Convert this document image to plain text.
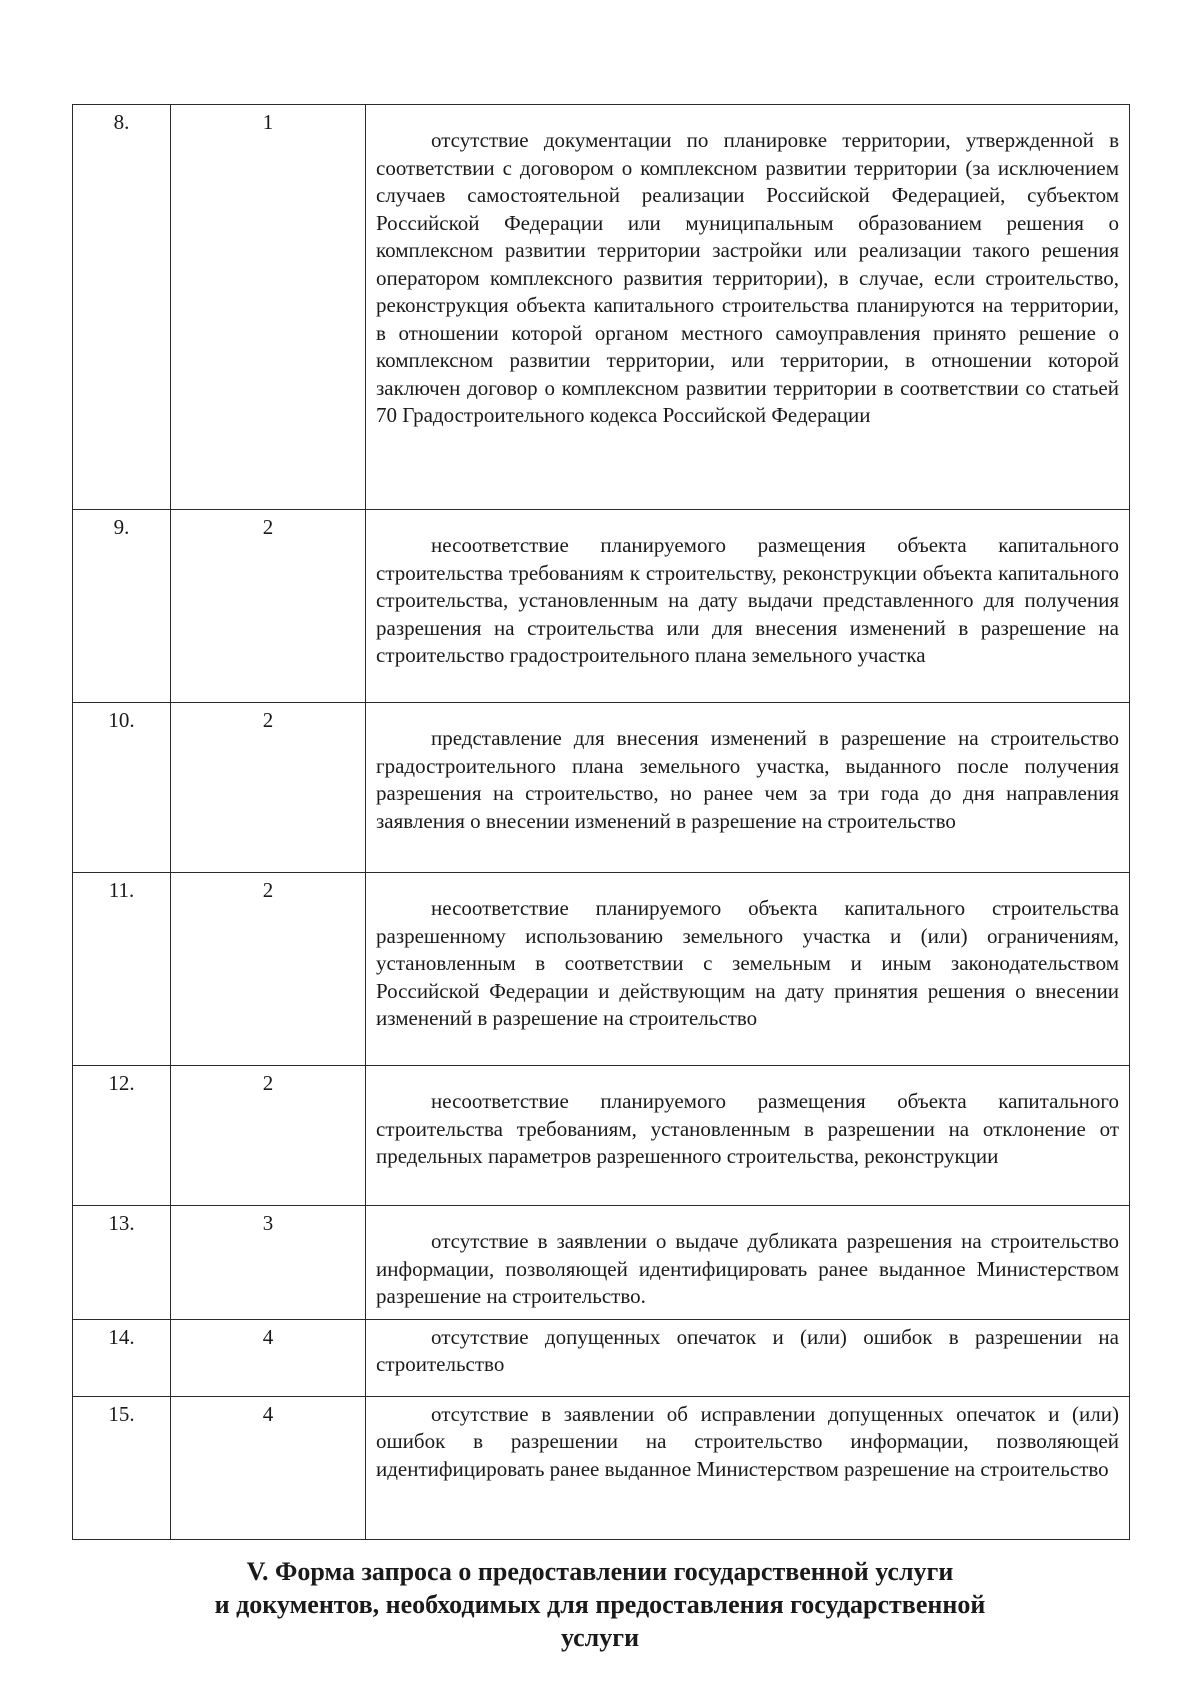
8.	1	отсутствие документации по планировке территории, утвержденной в соответствии с договором о комплексном развитии территории (за исключением случаев самостоятельной реализации Российской Федерацией, субъектом Российской Федерации или муниципальным образованием решения о комплексном развитии территории застройки или реализации такого решения оператором комплексного развития территории), в случае, если строительство, реконструкция объекта капитального строительства планируются на территории, в отношении которой органом местного самоуправления принято решение о комплексном развитии территории, или территории, в отношении которой заключен договор о комплексном развитии территории в соответствии со статьей 70 Градостроительного кодекса Российской Федерации
9.	2	несоответствие планируемого размещения объекта капитального строительства требованиям к строительству, реконструкции объекта капитального строительства, установленным на дату выдачи представленного для получения разрешения на строительства или для внесения изменений в разрешение на строительство градостроительного плана земельного участка
10.	2	представление для внесения изменений в разрешение на строительство градостроительного плана земельного участка, выданного после получения разрешения на строительство, но ранее чем за три года до дня направления заявления о внесении изменений в разрешение на строительство
11.	2	несоответствие планируемого объекта капитального строительства разрешенному использованию земельного участка и (или) ограничениям, установленным в соответствии с земельным и иным законодательством Российской Федерации и действующим на дату принятия решения о внесении изменений в разрешение на строительство
12.	2	несоответствие планируемого размещения объекта капитального строительства требованиям, установленным в разрешении на отклонение от предельных параметров разрешенного строительства, реконструкции
13.	3	отсутствие в заявлении о выдаче дубликата разрешения на строительство информации, позволяющей идентифицировать ранее выданное Министерством разрешение на строительство.
14.	4	отсутствие допущенных опечаток и (или) ошибок в разрешении на строительство
15.	4	отсутствие в заявлении об исправлении допущенных опечаток и (или) ошибок в разрешении на строительство информации, позволяющей идентифицировать ранее выданное Министерством разрешение на строительство
V. Форма запроса о предоставлении государственной услуги
и документов, необходимых для предоставления государственной
услуги
